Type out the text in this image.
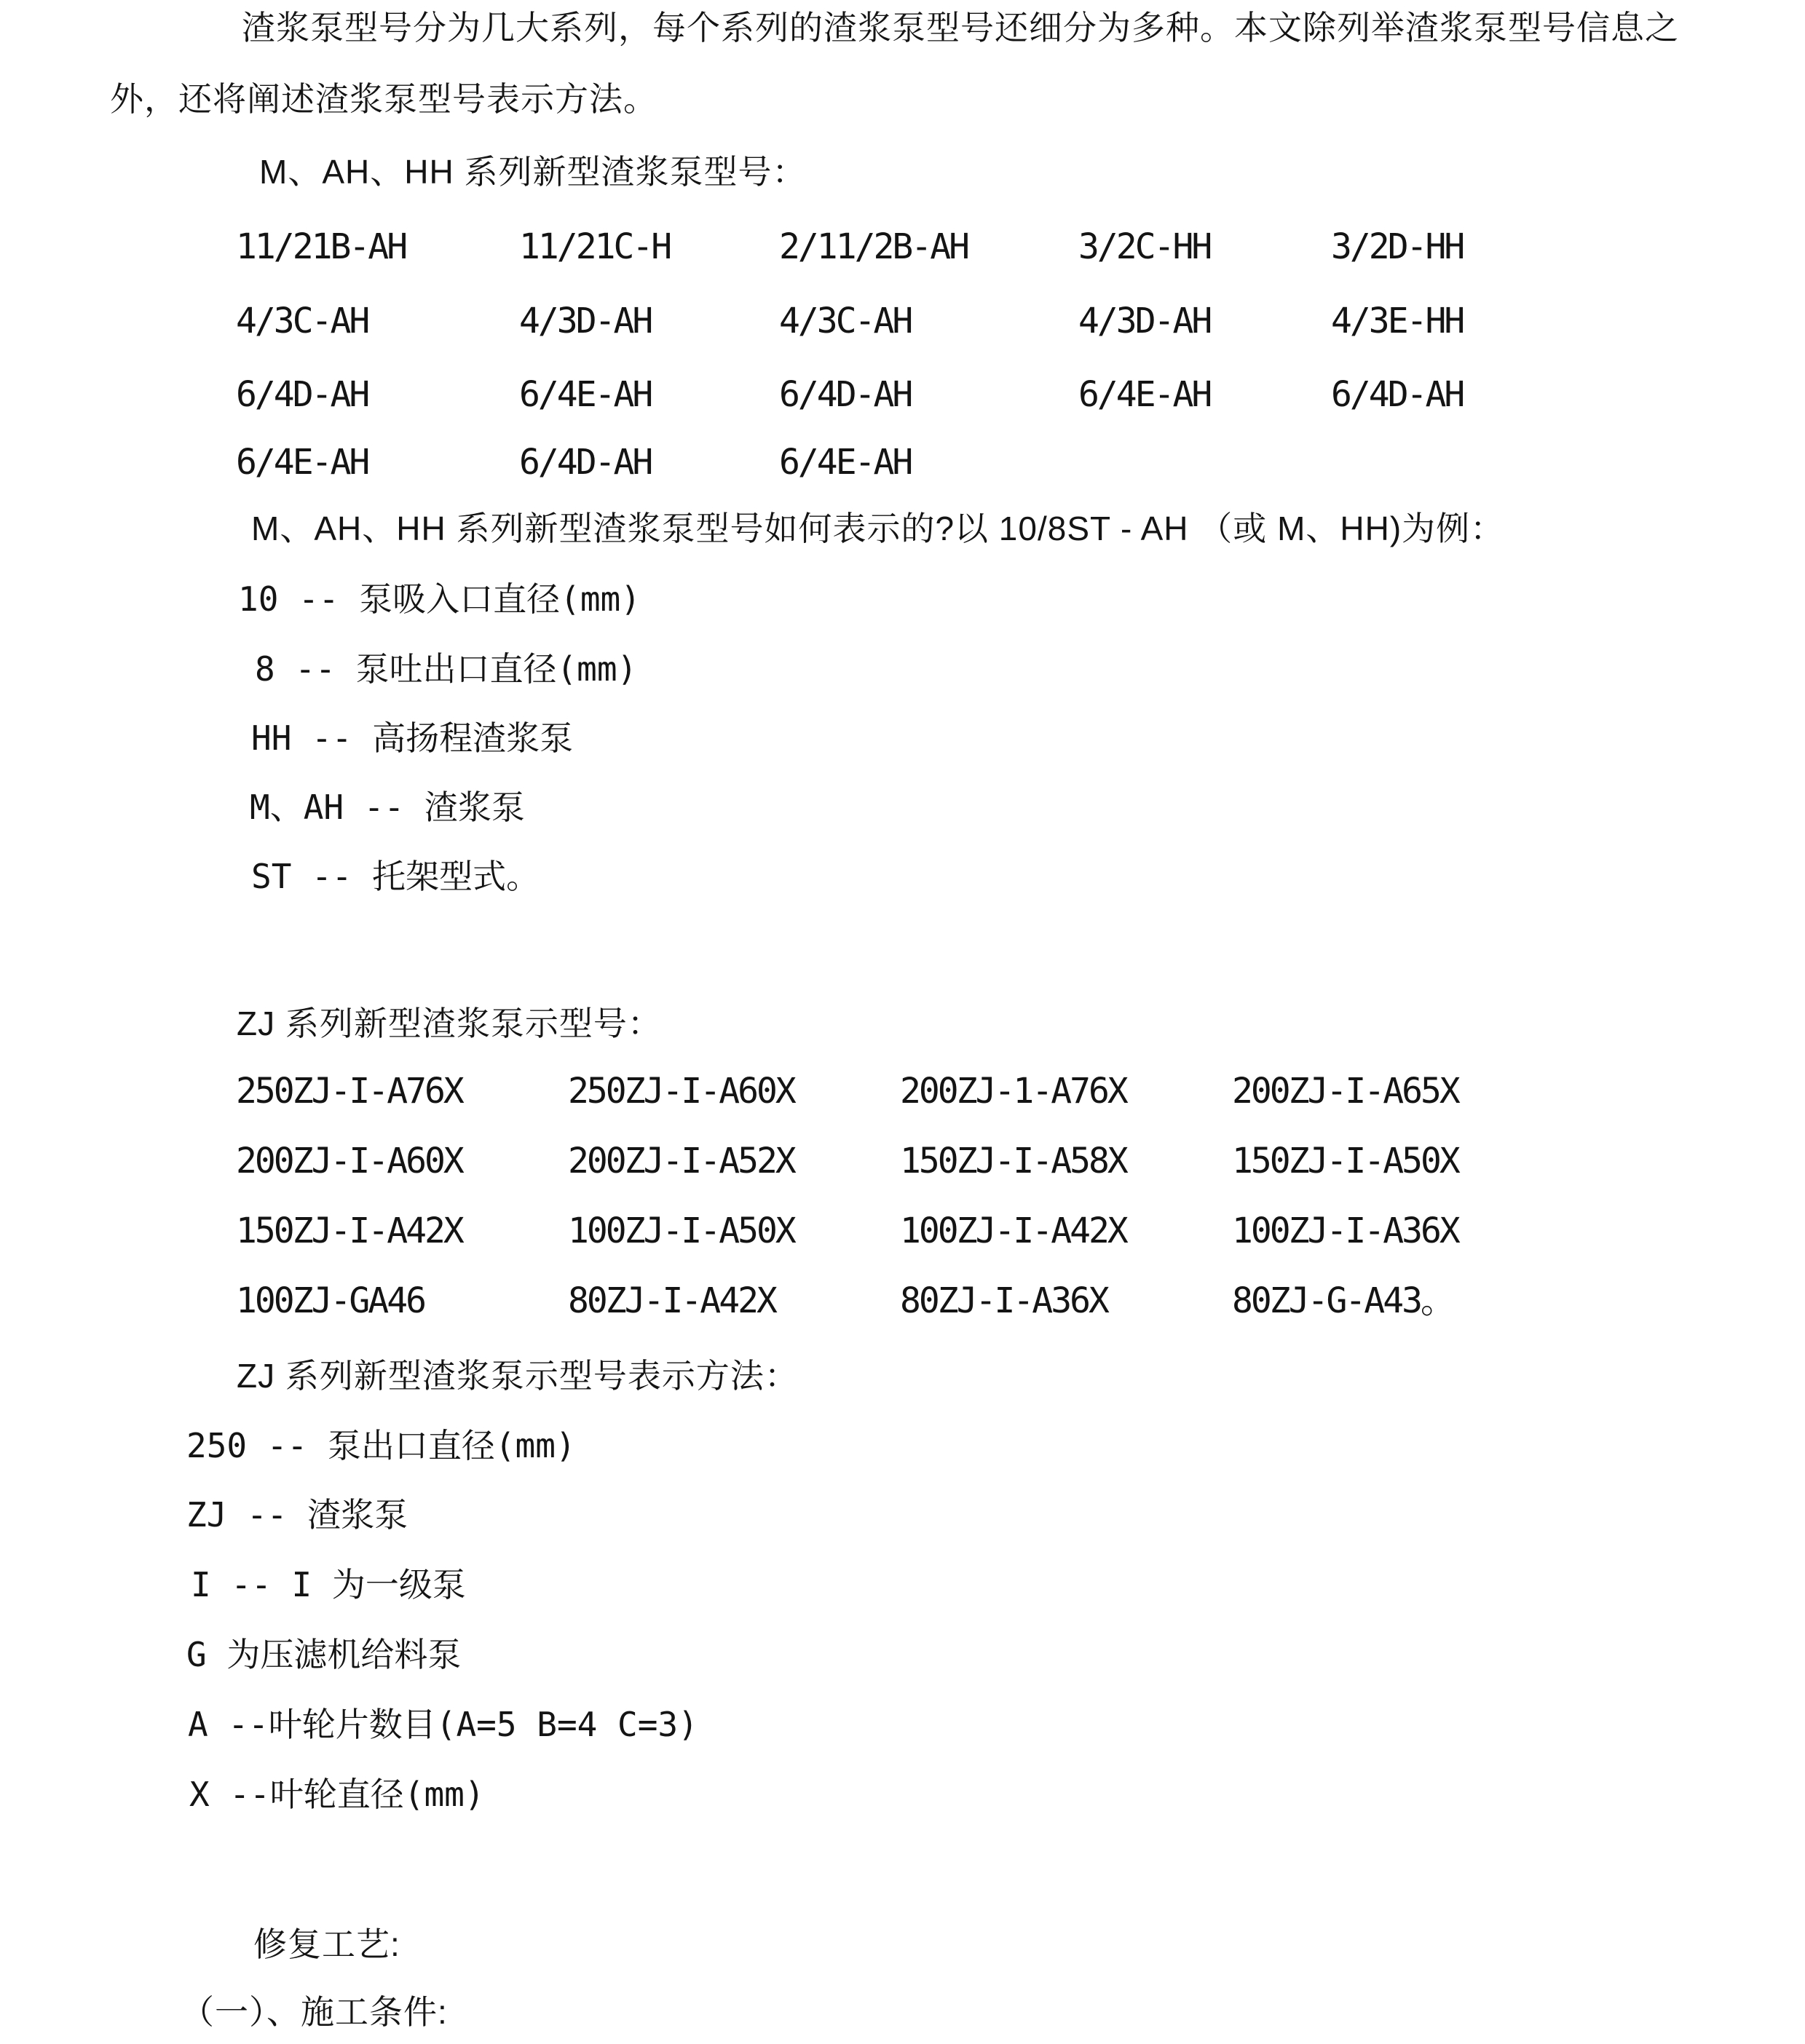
渣浆泵型号分为几大系列，每个系列的渣浆泵型号还细分为多种。本文除列举渣浆泵型号信息之
外，还将阐述渣浆泵型号表示方法。
M、AH、HH 系列新型渣浆泵型号：
11/21B-AH	11/21C-H	2/11/2B-AH	3/2C-HH	3/2D-HH
4/3C-AH	4/3D-AH	4/3C-AH	4/3D-AH	4/3E-HH
6/4D-AH	6/4E-AH	6/4D-AH	6/4E-AH	6/4D-AH
6/4E-AH	6/4D-AH	6/4E-AH
M、AH、HH 系列新型渣浆泵型号如何表示的?以 10/8ST - AH （或 M、HH)为例：
10 -- 泵吸入口直径(mm)
8 -- 泵吐出口直径(mm)
HH -- 高扬程渣浆泵
M、AH -- 渣浆泵
ST -- 托架型式。
ZJ 系列新型渣浆泵示型号：
250ZJ-I-A76X	250ZJ-I-A60X	200ZJ-1-A76X	200ZJ-I-A65X
200ZJ-I-A60X	200ZJ-I-A52X	150ZJ-I-A58X	150ZJ-I-A50X
150ZJ-I-A42X	100ZJ-I-A50X	100ZJ-I-A42X	100ZJ-I-A36X
100ZJ-GA46	80ZJ-I-A42X	80ZJ-I-A36X	80ZJ-G-A43。
ZJ 系列新型渣浆泵示型号表示方法：
250 -- 泵出口直径(mm)
ZJ -- 渣浆泵
I -- I 为一级泵
G 为压滤机给料泵
A --叶轮片数目(A=5 B=4 C=3)
X --叶轮直径(mm)
修复工艺:
（一）、施工条件:
